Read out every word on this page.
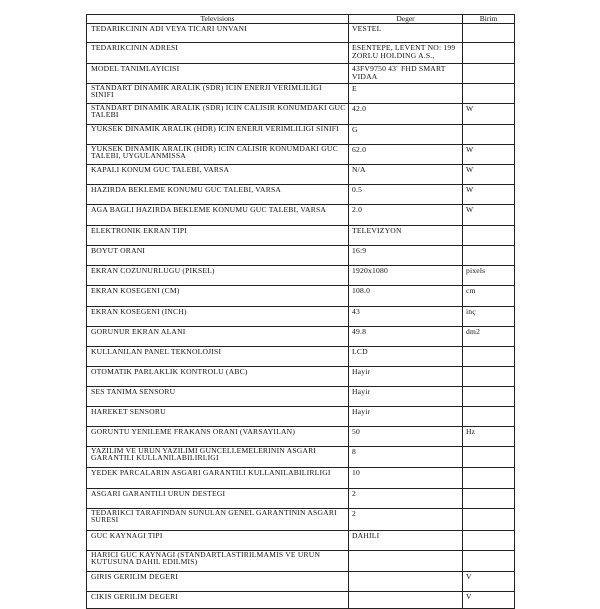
Televisions	Deger	Birim
TEDARIKCININ ADI VEYA TICARI UNVANI	VESTEL	
TEDARIKCININ ADRESI	ESENTEPE, LEVENT NO: 199 ZORLU HOLDING A.S.,	
MODEL TANIMLAYICISI	43FV9750 43¨ FHD SMART VIDAA	
STANDART DINAMIK ARALIK (SDR) ICIN ENERJI VERIMLILIGI SINIFI	E	
STANDART DINAMIK ARALIK (SDR) ICIN CALISIR KONUMDAKI GUC TALEBI	42.0	W
YUKSEK DINAMIK ARALIK (HDR) ICIN ENERJI VERIMLILIGI SINIFI	G	
YUKSEK DINAMIK ARALIK (HDR) ICIN CALISIR KONUMDAKI GUC TALEBI, UYGULANMISSA	62.0	W
KAPALI KONUM GUC TALEBI, VARSA	N/A	W
HAZIRDA BEKLEME KONUMU GUC TALEBI, VARSA	0.5	W
AGA BAGLI HAZIRDA BEKLEME KONUMU GUC TALEBI, VARSA	2.0	W
ELEKTRONIK EKRAN TIPI	TELEVIZYON	
BOYUT ORANI	16:9	
EKRAN COZUNURLUGU (PIKSEL)	1920x1080	pixels
EKRAN KOSEGENI (CM)	108.0	cm
EKRAN KOSEGENI (INCH)	43	inç
GORUNUR EKRAN ALANI	49.8	dm2
KULLANILAN PANEL TEKNOLOJISI	LCD	
OTOMATIK PARLAKLIK KONTROLU (ABC)	Hayir	
SES TANIMA SENSORU	Hayir	
HAREKET SENSORU	Hayir	
GORUNTU YENILEME FRAKANS ORANI (VARSAYILAN)	50	Hz
YAZILIM VE URUN YAZILIMI GUNCELLEMELERININ ASGARI GARANTILI KULLANILABILIRLIGI	8	
YEDEK PARCALARIN ASGARI GARANTILI KULLANILABILIRLIGI	10	
ASGARI GARANTILI URUN DESTEGI	2	
TEDARIKCI TARAFINDAN SUNULAN GENEL GARANTININ ASGARI SURESI	2	
GUC KAYNAGI TIPI	DAHILI	
HARICI GUC KAYNAGI (STANDARTLASTIRILMAMIS VE URUN KUTUSUNA DAHIL EDILMIS)		
GIRIS GERILIM DEGERI		V
CIKIS GERILIM DEGERI		V
